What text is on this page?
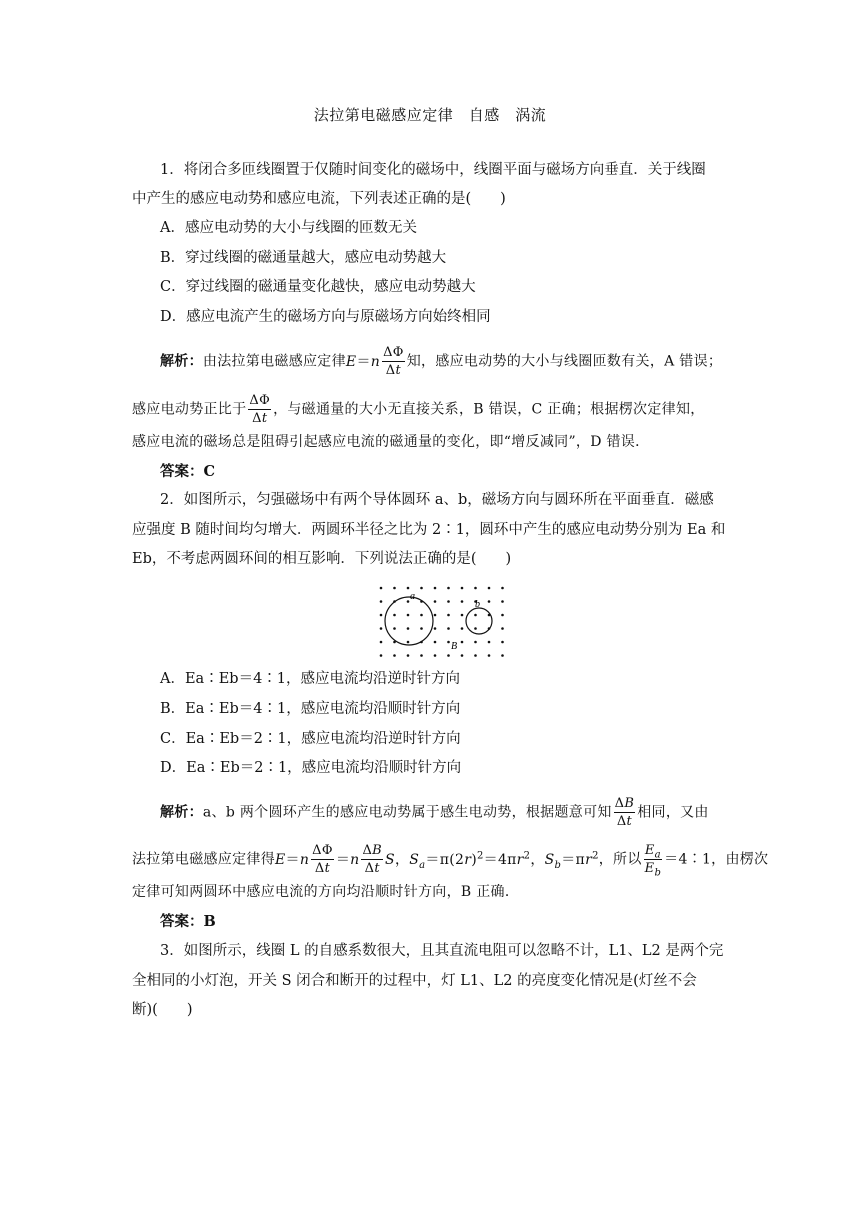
法拉第电磁感应定律　自感　涡流
1．将闭合多匝线圈置于仅随时间变化的磁场中，线圈平面与磁场方向垂直．关于线圈
中产生的感应电动势和感应电流，下列表述正确的是(　　)
A．感应电动势的大小与线圈的匝数无关
B．穿过线圈的磁通量越大，感应电动势越大
C．穿过线圈的磁通量变化越快，感应电动势越大
D．感应电流产生的磁场方向与原磁场方向始终相同
解析：由法拉第电磁感应定律$E=n \frac{\Delta\Phi}{\Delta t}$ 知，感应电动势的大小与线圈匝数有关，A 错误；
感应电动势正比于 $\frac{\Delta\Phi}{\Delta t}$ ，与磁通量的大小无直接关系，B 错误，C 正确；根据楞次定律知，
感应电流的磁场总是阻碍引起感应电流的磁通量的变化，即“增反减同”，D 错误．
答案：C
2．如图所示，匀强磁场中有两个导体圆环 a、b，磁场方向与圆环所在平面垂直．磁感
应强度 B 随时间均匀增大．两圆环半径之比为 2∶1，圆环中产生的感应电动势分别为 Ea 和
Eb，不考虑两圆环间的相互影响．下列说法正确的是(　　)
a
b
B
A．Ea∶Eb＝4∶1，感应电流均沿逆时针方向
B．Ea∶Eb＝4∶1，感应电流均沿顺时针方向
C．Ea∶Eb＝2∶1，感应电流均沿逆时针方向
D．Ea∶Eb＝2∶1，感应电流均沿顺时针方向
解析：a、b 两个圆环产生的感应电动势属于感生电动势，根据题意可知 $\frac{\Delta B}{\Delta t}$ 相同，又由
法拉第电磁感应定律得$E=n \frac{\Delta\Phi}{\Delta t} =n \frac{\Delta B}{\Delta t}$ S，$S_a=\pi(2r)^2=4\pi r^2$，$S_b=\pi r^2$，所以 $\frac{E_a}{E_b}$ ＝4∶1，由楞次
定律可知两圆环中感应电流的方向均沿顺时针方向，B 正确．
答案：B
3．如图所示，线圈 L 的自感系数很大，且其直流电阻可以忽略不计，L1、L2 是两个完
全相同的小灯泡，开关 S 闭合和断开的过程中，灯 L1、L2 的亮度变化情况是(灯丝不会
断)(　　)
